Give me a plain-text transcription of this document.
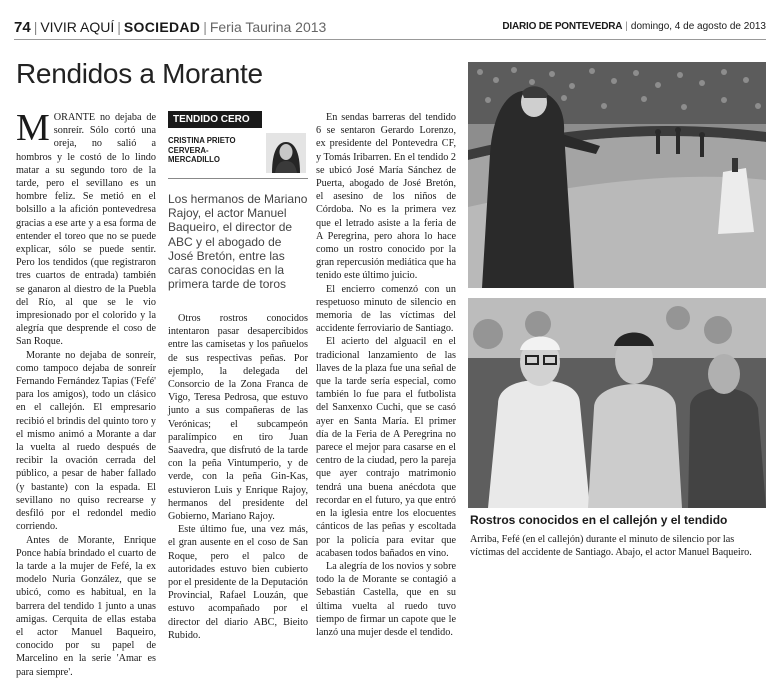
74 | VIVIR AQUÍ | SOCIEDAD | Feria Taurina 2013	DIARIO DE PONTEVEDRA | domingo, 4 de agosto de 2013
Rendidos a Morante

MORANTE no dejaba de sonreír. Sólo cortó una oreja, no salió a hombros y le costó de lo lindo matar a su segundo toro de la tarde, pero el sevillano es un hombre feliz. Se metió en el bolsillo a la afición pontevedresa gracias a ese arte y a esa forma de entender el toreo que no se puede explicar, sólo se puede sentir. Pero los tendidos (que registraron tres cuartos de entrada) también se ganaron al diestro de la Puebla del Río, al que se le vio impresionado por el colorido y la alegría que desprende el coso de San Roque.

Morante no dejaba de sonreír, como tampoco dejaba de sonreír Fernando Fernández Tapias ('Fefé' para los amigos), todo un clásico en el callejón. El empresario recibió el brindis del quinto toro y el mismo animó a Morante a dar la vuelta al ruedo después de recibir la ovación cerrada del público, a pesar de haber fallado (y bastante) con la espada. El sevillano no quiso recrearse y desfiló por el redondel medio corriendo.

Antes de Morante, Enrique Ponce había brindado el cuarto de la tarde a la mujer de Fefé, la ex modelo Nuria González, que se ubicó, como es habitual, en la barrera del tendido 1 junto a unas amigas. Cerquita de ellas estaba el actor Manuel Baqueiro, conocido por su papel de Marcelino en la serie 'Amar es para siempre'.

TENDIDO CERO
CRISTINA PRIETO CERVERA-MERCADILLO
Los hermanos de Mariano Rajoy, el actor Manuel Baqueiro, el director de ABC y el abogado de José Bretón, entre las caras conocidas en la primera tarde de toros

Otros rostros conocidos intentaron pasar desapercibidos entre las camisetas y los pañuelos de sus respectivas peñas. Por ejemplo, la delegada del Consorcio de la Zona Franca de Vigo, Teresa Pedrosa, que estuvo junto a sus compañeras de las Verónicas; el subcampeón paralímpico en tiro Juan Saavedra, que disfrutó de la tarde con la peña Vintumperio, y de verde, con la peña Gin-Kas, estuvieron Luis y Enrique Rajoy, hermanos del presidente del Gobierno, Mariano Rajoy.

Este último fue, una vez más, el gran ausente en el coso de San Roque, pero el palco de autoridades estuvo bien cubierto por el presidente de la Deputación Provincial, Rafael Louzán, que estuvo acompañado por el director del diario ABC, Bieito Rubido.

En sendas barreras del tendido 6 se sentaron Gerardo Lorenzo, ex presidente del Pontevedra CF, y Tomás Iribarren. En el tendido 2 se ubicó José María Sánchez de Puerta, abogado de José Bretón, el asesino de los niños de Córdoba. No es la primera vez que el letrado asiste a la feria de A Peregrina, pero ahora lo hace como un rostro conocido por la gran repercusión mediática que ha tenido este último juicio.

El encierro comenzó con un respetuoso minuto de silencio en memoria de las víctimas del accidente ferroviario de Santiago.

El acierto del alguacil en el tradicional lanzamiento de las llaves de la plaza fue una señal de que la tarde sería especial, como también lo fue para el futbolista del Sanxenxo Cuchi, que se casó ayer en Santa María. El primer día de la Feria de A Peregrina no parece el mejor para casarse en el centro de la ciudad, pero la pareja que ayer contrajo matrimonio tendrá una buena anécdota que recordar en el futuro, ya que entró en la iglesia entre los elocuentes cánticos de las peñas y escoltada por la policía para evitar que acabasen todos bañados en vino.

La alegría de los novios y sobre todo la de Morante se contagió a Sebastián Castella, que en su última vuelta al ruedo tuvo tiempo de firmar un capote que le lanzó una mujer desde el tendido.

Rostros conocidos en el callejón y el tendido
Arriba, Fefé (en el callejón) durante el minuto de silencio por las víctimas del accidente de Santiago. Abajo, el actor Manuel Baqueiro.
